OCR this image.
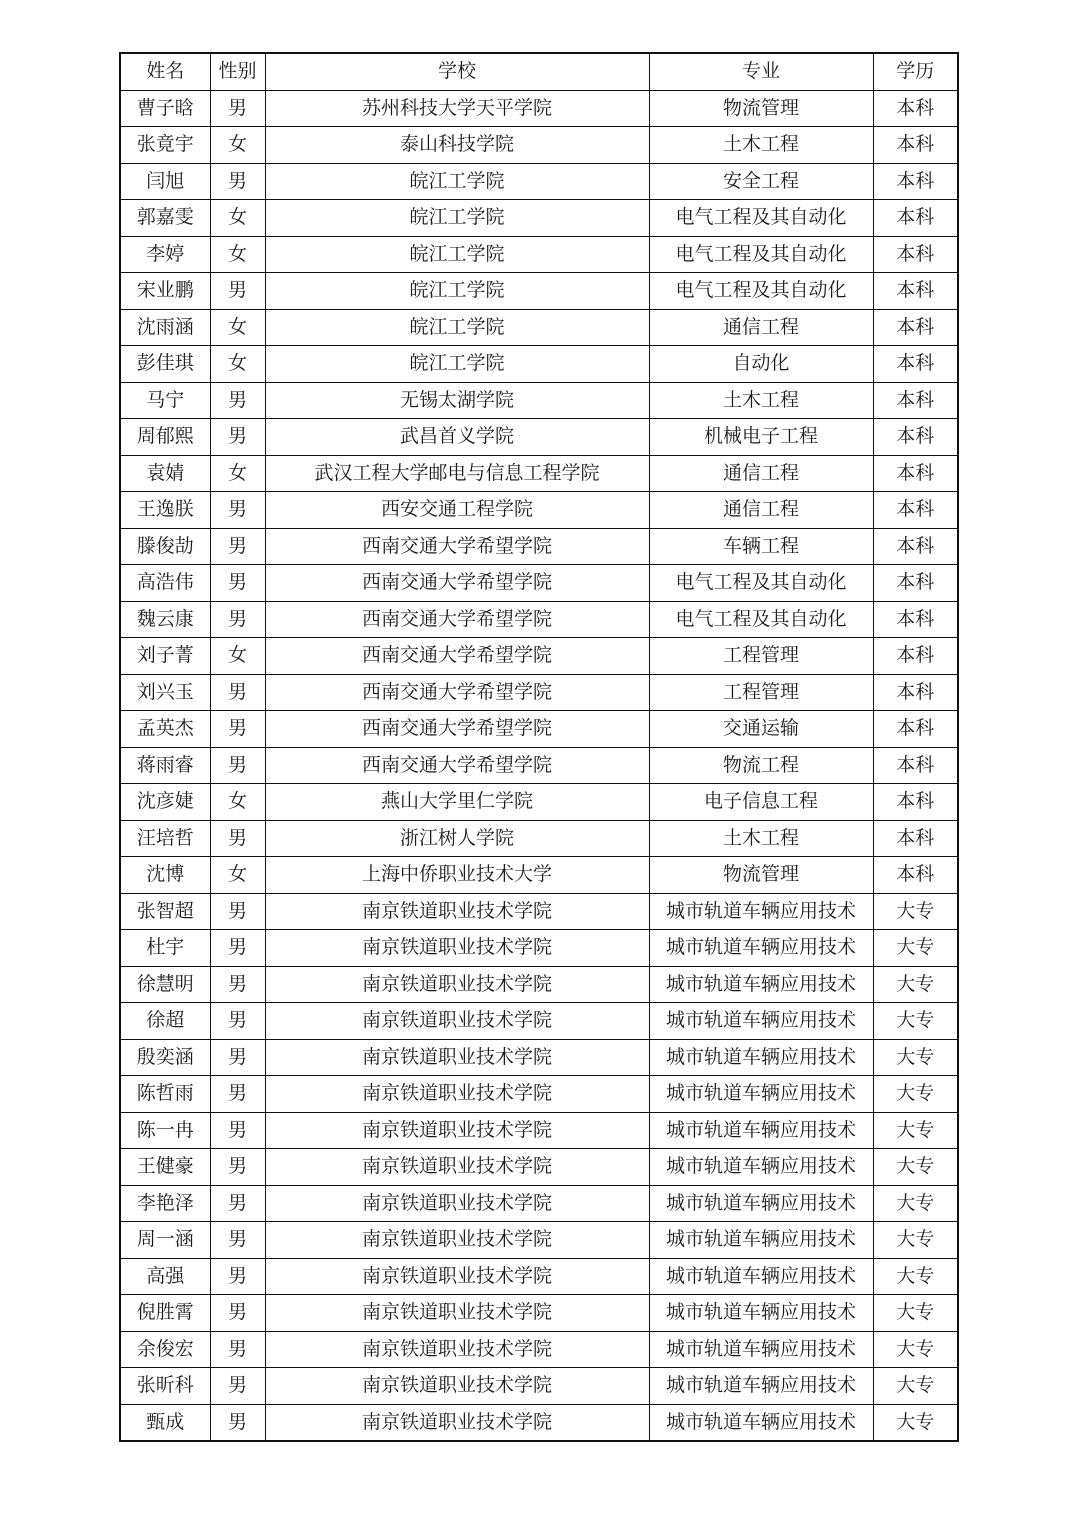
姓名	性别	学校	专业	学历
曹子晗	男	苏州科技大学天平学院	物流管理	本科
张竟宇	女	泰山科技学院	土木工程	本科
闫旭	男	皖江工学院	安全工程	本科
郭嘉雯	女	皖江工学院	电气工程及其自动化	本科
李婷	女	皖江工学院	电气工程及其自动化	本科
宋业鹏	男	皖江工学院	电气工程及其自动化	本科
沈雨涵	女	皖江工学院	通信工程	本科
彭佳琪	女	皖江工学院	自动化	本科
马宁	男	无锡太湖学院	土木工程	本科
周郁熙	男	武昌首义学院	机械电子工程	本科
袁婧	女	武汉工程大学邮电与信息工程学院	通信工程	本科
王逸朕	男	西安交通工程学院	通信工程	本科
滕俊劼	男	西南交通大学希望学院	车辆工程	本科
高浩伟	男	西南交通大学希望学院	电气工程及其自动化	本科
魏云康	男	西南交通大学希望学院	电气工程及其自动化	本科
刘子菁	女	西南交通大学希望学院	工程管理	本科
刘兴玉	男	西南交通大学希望学院	工程管理	本科
孟英杰	男	西南交通大学希望学院	交通运输	本科
蒋雨睿	男	西南交通大学希望学院	物流工程	本科
沈彦婕	女	燕山大学里仁学院	电子信息工程	本科
汪培哲	男	浙江树人学院	土木工程	本科
沈博	女	上海中侨职业技术大学	物流管理	本科
张智超	男	南京铁道职业技术学院	城市轨道车辆应用技术	大专
杜宇	男	南京铁道职业技术学院	城市轨道车辆应用技术	大专
徐慧明	男	南京铁道职业技术学院	城市轨道车辆应用技术	大专
徐超	男	南京铁道职业技术学院	城市轨道车辆应用技术	大专
殷奕涵	男	南京铁道职业技术学院	城市轨道车辆应用技术	大专
陈哲雨	男	南京铁道职业技术学院	城市轨道车辆应用技术	大专
陈一冉	男	南京铁道职业技术学院	城市轨道车辆应用技术	大专
王健豪	男	南京铁道职业技术学院	城市轨道车辆应用技术	大专
李艳泽	男	南京铁道职业技术学院	城市轨道车辆应用技术	大专
周一涵	男	南京铁道职业技术学院	城市轨道车辆应用技术	大专
高强	男	南京铁道职业技术学院	城市轨道车辆应用技术	大专
倪胜霄	男	南京铁道职业技术学院	城市轨道车辆应用技术	大专
余俊宏	男	南京铁道职业技术学院	城市轨道车辆应用技术	大专
张昕科	男	南京铁道职业技术学院	城市轨道车辆应用技术	大专
甄成	男	南京铁道职业技术学院	城市轨道车辆应用技术	大专
